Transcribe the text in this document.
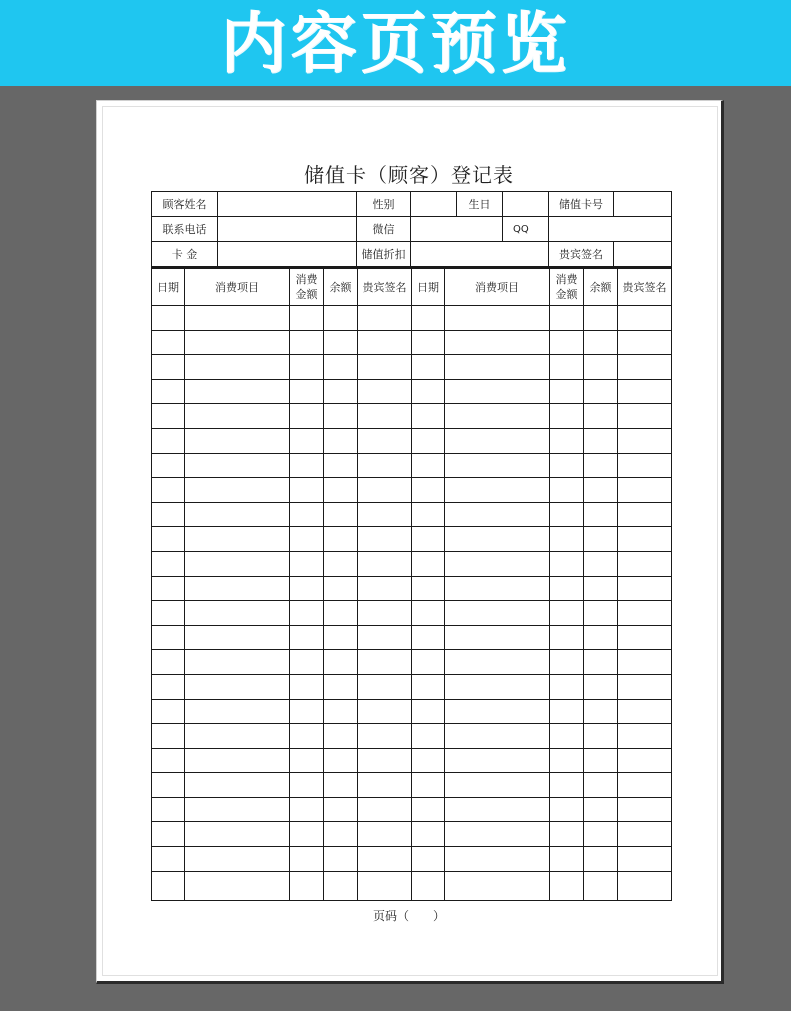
内容页预览
储值卡（顾客）登记表
顾客姓名		性别		生日		储值卡号	
联系电话		微信			QQ		
卡 金		储值折扣				贵宾签名	
日期	消费项目	消费金额	余额	贵宾签名	日期	消费项目	消费金额	余额	贵宾签名

页码（　　）
